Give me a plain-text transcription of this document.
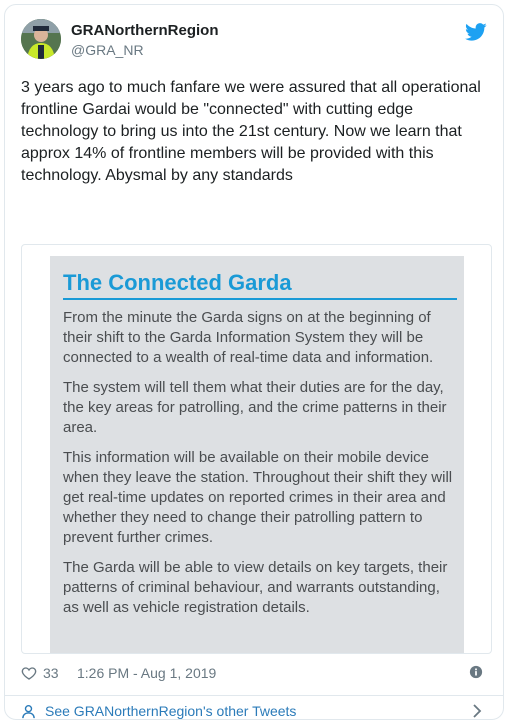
GRANorthernRegion
@GRA_NR
3 years ago to much fanfare we were assured that all operational frontline Gardai would be "connected" with cutting edge technology to bring us into the 21st century. Now we learn that approx 14% of frontline members will be provided with this technology. Abysmal by any standards
The Connected Garda

From the minute the Garda signs on at the beginning of their shift to the Garda Information System they will be connected to a wealth of real-time data and information.

The system will tell them what their duties are for the day, the key areas for patrolling, and the crime patterns in their area.

This information will be available on their mobile device when they leave the station. Throughout their shift they will get real-time updates on reported crimes in their area and whether they need to change their patrolling pattern to prevent further crimes.

The Garda will be able to view details on key targets, their patterns of criminal behaviour, and warrants outstanding, as well as vehicle registration details.

33 1:26 PM - Aug 1, 2019
See GRANorthernRegion's other Tweets
